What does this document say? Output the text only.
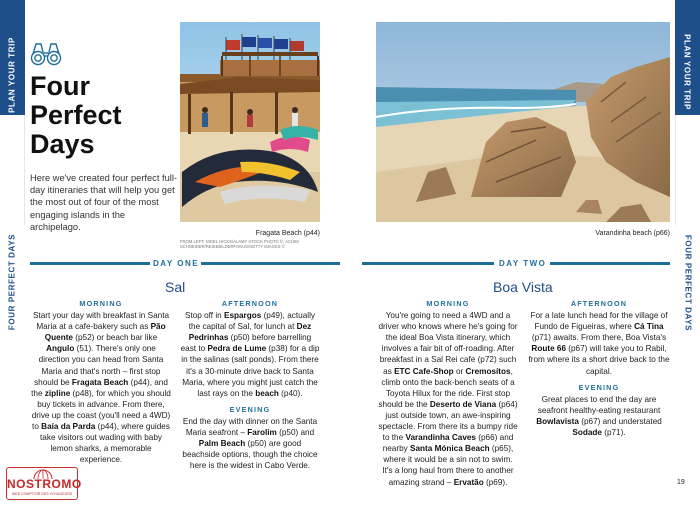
PLAN YOUR TRIP
FOUR PERFECT DAYS
PLAN YOUR TRIP
FOUR PERFECT DAYS
Four Perfect Days
Here we've created four perfect full-day itineraries that will help you get the most out of four of the most engaging islands in the archipelago.
Fragata Beach (p44)
FROM LEFT: NIGEL HICKS/ALAMY STOCK PHOTO ©; ACHIM SCHNEIDER/REISEBILDERFOKUS/GETTY IMAGES ©
Varandinha beach (p66)
DAY ONE	DAY TWO
Sal	Boa Vista
MORNING
Start your day with breakfast in Santa Maria at a cafe-bakery such as Pão Quente (p52) or beach bar like Angulo (51). There's only one direction you can head from Santa Maria and that's north – first stop should be Fragata Beach (p44), and the zipline (p48), for which you should buy tickets in advance. From there, drive up the coast (you'll need a 4WD) to Baía da Parda (p44), where guides take visitors out wading with baby lemon sharks, a memorable experience.
AFTERNOON
Stop off in Espargos (p49), actually the capital of Sal, for lunch at Dez Pedrinhas (p50) before barrelling east to Pedra de Lume (p38) for a dip in the salinas (salt ponds). From there it's a 30-minute drive back to Santa Maria, where you might just catch the last rays on the beach (p40).
EVENING
End the day with dinner on the Santa Maria seafront – Farolim (p50) and Palm Beach (p50) are good beachside options, though the choice here is the widest in Cabo Verde.
MORNING
You're going to need a 4WD and a driver who knows where he's going for the ideal Boa Vista itinerary, which involves a fair bit of off-roading. After breakfast in a Sal Rei cafe (p72) such as ETC Cafe-Shop or Cremosítos, climb onto the back-bench seats of a Toyota Hilux for the ride. First stop should be the Deserto de Viana (p64) just outside town, an awe-inspiring spectacle. From there its a bumpy ride to the Varandinha Caves (p66) and nearby Santa Mónica Beach (p65), where it would be a sin not to swim. It's a long haul from there to another amazing strand – Ervatão (p69).
AFTERNOON
For a late lunch head for the village of Fundo de Figueiras, where Cá Tina (p71) awaits. From there, Boa Vista's Route 66 (p67) will take you to Rabil, from where its a short drive back to the capital.
EVENING
Great places to end the day are seafront healthy-eating restaurant Bowlavista (p67) and understated Sodade (p71).
NOSTROMO
WEB COMPTOIR DES VOYAGEURS
19
